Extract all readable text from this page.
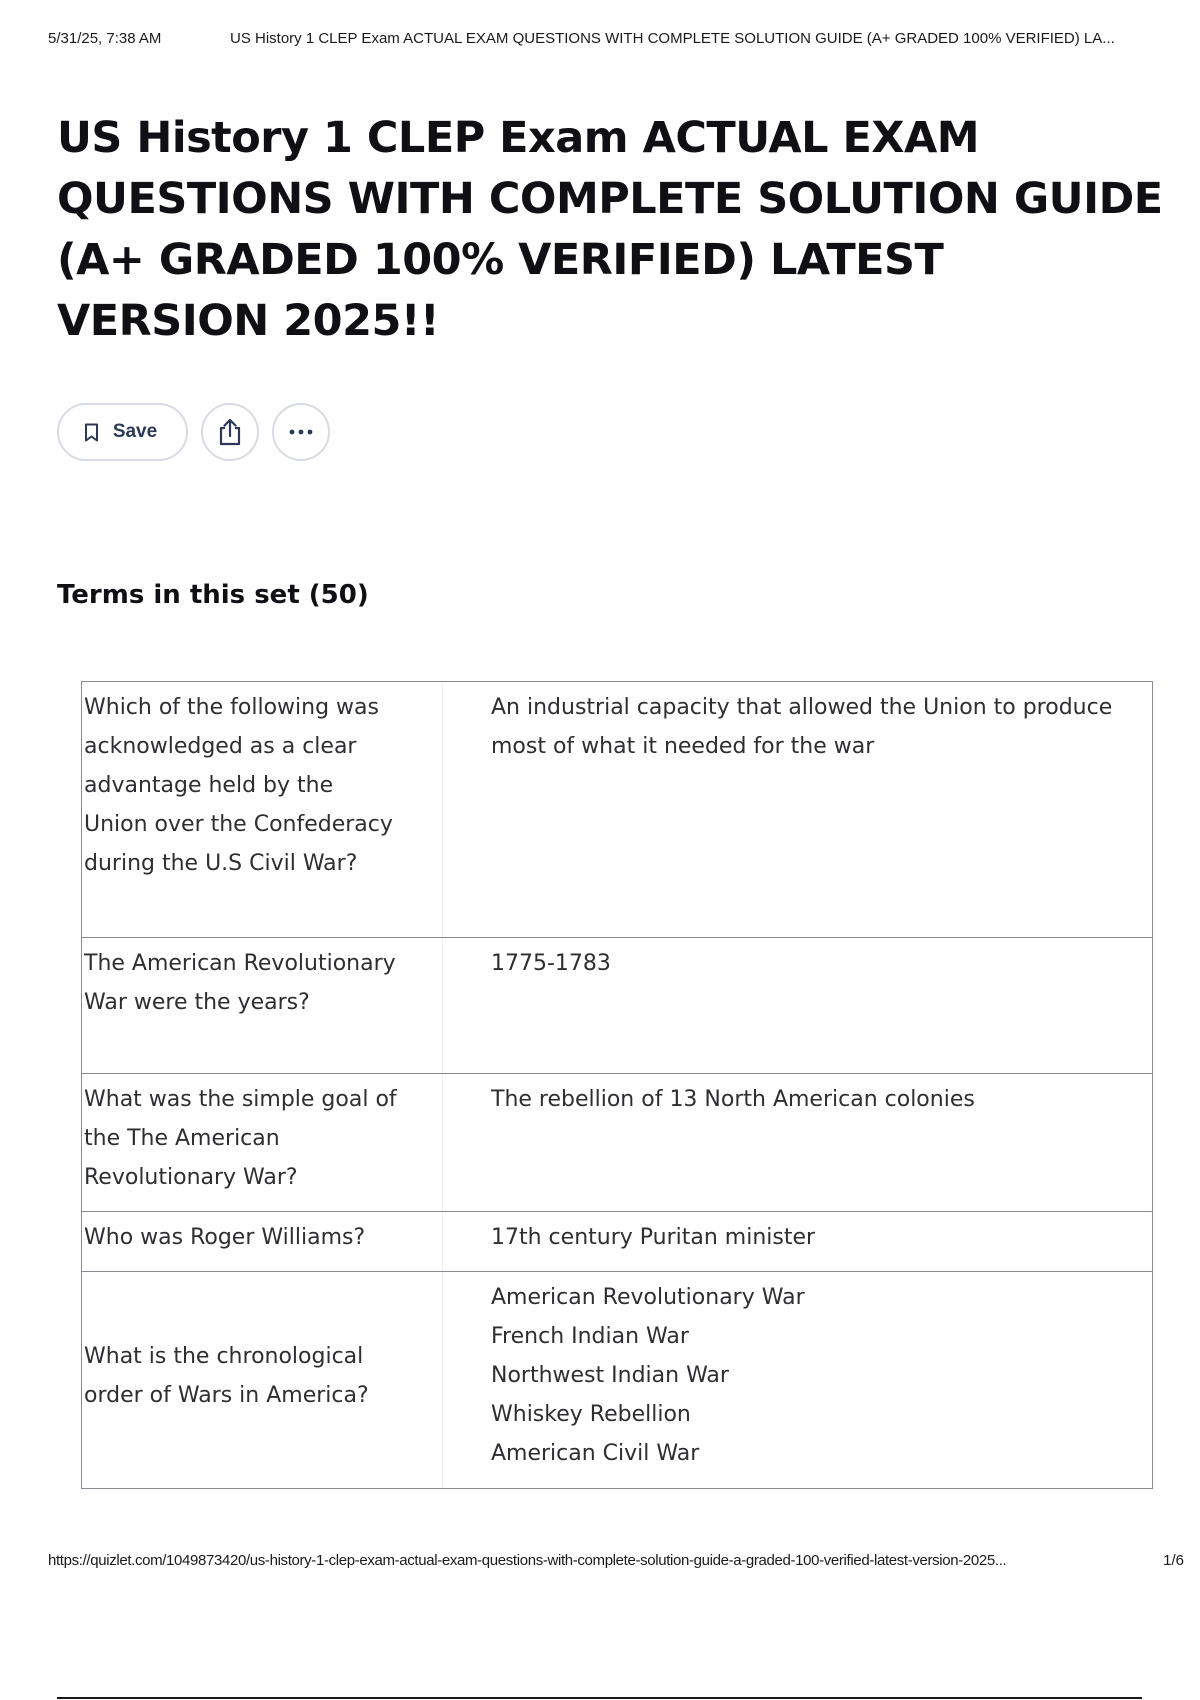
5/31/25, 7:38 AM	US History 1 CLEP Exam ACTUAL EXAM QUESTIONS WITH COMPLETE SOLUTION GUIDE (A+ GRADED 100% VERIFIED) LA...
US History 1 CLEP Exam ACTUAL EXAM QUESTIONS WITH COMPLETE SOLUTION GUIDE (A+ GRADED 100% VERIFIED) LATEST VERSION 2025!!
Save
Terms in this set (50)
Which of the following was acknowledged as a clear advantage held by the Union over the Confederacy during the U.S Civil War?	An industrial capacity that allowed the Union to produce most of what it needed for the war

The American Revolutionary War were the years?	1775-1783

What was the simple goal of the The American Revolutionary War?	The rebellion of 13 North American colonies

Who was Roger Williams?	17th century Puritan minister

What is the chronological order of Wars in America?	American Revolutionary War
French Indian War
Northwest Indian War
Whiskey Rebellion
American Civil War
https://quizlet.com/1049873420/us-history-1-clep-exam-actual-exam-questions-with-complete-solution-guide-a-graded-100-verified-latest-version-2025...	1/6
